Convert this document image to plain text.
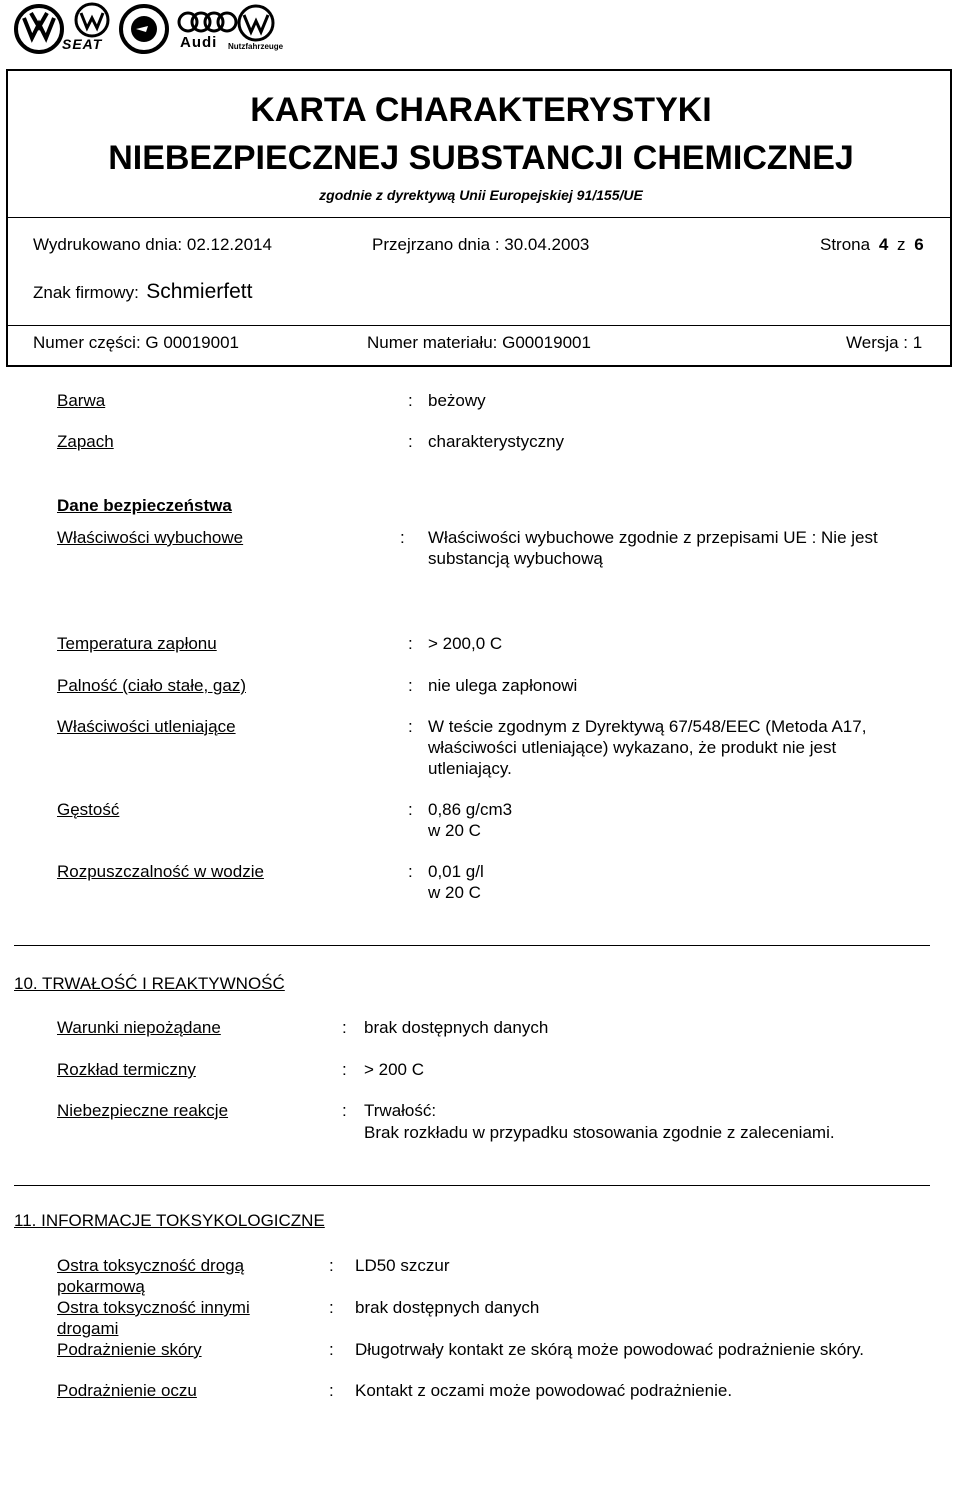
SEAT	Audi Nutzfahrzeuge
KARTA CHARAKTERYSTYKI
NIEBEZPIECZNEJ SUBSTANCJI CHEMICZNEJ
zgodnie z dyrektywą Unii Europejskiej 91/155/UE
Wydrukowano dnia: 02.12.2014	Przejrzano dnia : 30.04.2003	Strona 4 z 6
Znak firmowy: Schmierfett
Numer części: G 00019001	Numer materiału: G00019001	Wersja : 1
Barwa	: beżowy
Zapach	: charakterystyczny
Dane bezpieczeństwa
Właściwości wybuchowe	: Właściwości wybuchowe zgodnie z przepisami UE : Nie jest
substancją wybuchową
Temperatura zapłonu	: > 200,0 C
Palność (ciało stałe, gaz)	: nie ulega zapłonowi
Właściwości utleniające	: W teście zgodnym z Dyrektywą 67/548/EEC (Metoda A17,
właściwości utleniające) wykazano, że produkt nie jest
utleniający.
Gęstość	: 0,86 g/cm3
w 20 C
Rozpuszczalność w wodzie	: 0,01 g/l
w 20 C
10. TRWAŁOŚĆ I REAKTYWNOŚĆ
Warunki niepożądane	: brak dostępnych danych
Rozkład termiczny	: > 200 C
Niebezpieczne reakcje	: Trwałość:
Brak rozkładu w przypadku stosowania zgodnie z zaleceniami.
11. INFORMACJE TOKSYKOLOGICZNE
Ostra toksyczność drogą
pokarmową
: LD50 szczur
Ostra toksyczność innymi
drogami
: brak dostępnych danych
Podrażnienie skóry	: Długotrwały kontakt ze skórą może powodować podrażnienie skóry.
Podrażnienie oczu	: Kontakt z oczami może powodować podrażnienie.
